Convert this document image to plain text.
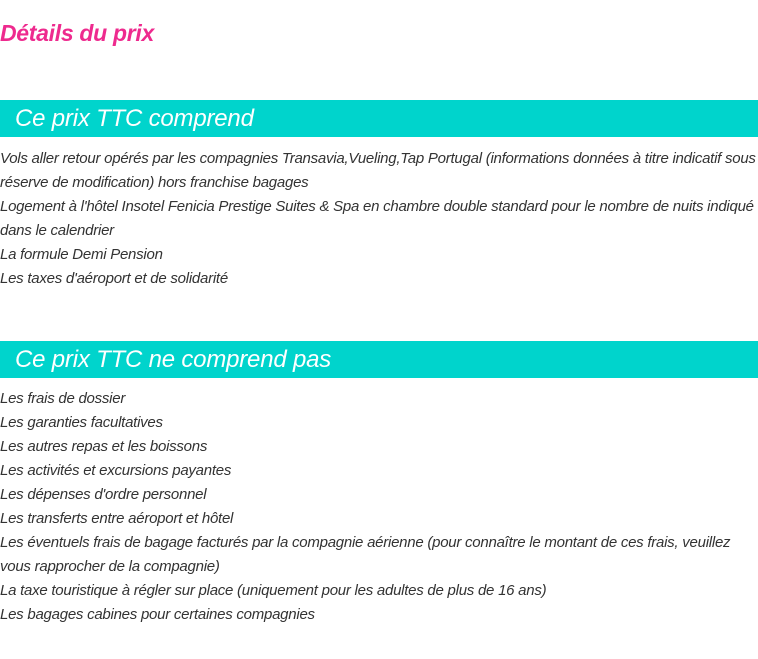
Détails du prix
Ce prix TTC comprend
Vols aller retour opérés par les compagnies Transavia,Vueling,Tap Portugal (informations données à titre indicatif sous réserve de modification) hors franchise bagages
Logement à l'hôtel Insotel Fenicia Prestige Suites & Spa en chambre double standard pour le nombre de nuits indiqué dans le calendrier
La formule Demi Pension
Les taxes d'aéroport et de solidarité
Ce prix TTC ne comprend pas
Les frais de dossier
Les garanties facultatives
Les autres repas et les boissons
Les activités et excursions payantes
Les dépenses d'ordre personnel
Les transferts entre aéroport et hôtel
Les éventuels frais de bagage facturés par la compagnie aérienne (pour connaître le montant de ces frais, veuillez vous rapprocher de la compagnie)
La taxe touristique à régler sur place (uniquement pour les adultes de plus de 16 ans)
Les bagages cabines pour certaines compagnies
